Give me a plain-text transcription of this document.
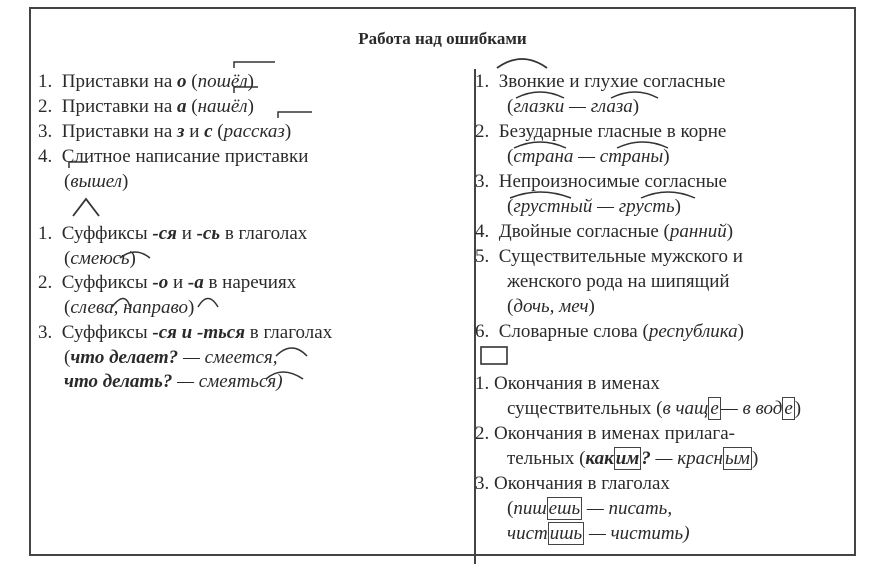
Работа над ошибками
1. Приставки на о (пошёл)
2. Приставки на а (нашёл)
3. Приставки на з и с (рассказ)
4. Слитное написание приставки
(вышел)
1. Суффиксы -ся и -сь в глаголах
(смеюсь)
2. Суффиксы -о и -а в наречиях
(слева, направо)
3. Суффиксы -ся и -ться в глаголах
(что делает? — смеется,
что делать? — смеяться)
1. Звонкие и глухие согласные
(глазки — глаза)
2. Безударные гласные в корне
(страна — страны)
3. Непроизносимые согласные
(грустный — грусть)
4. Двойные согласные (ранний)
5. Существительные мужского и
женского рода на шипящий
(дочь, меч)
6. Словарные слова (республика)
1. Окончания в именах
существительных (в чащ е — в вод е )
2. Окончания в именах прилага-
тельных (как им ? — красн ым )
3. Окончания в глаголах
(пиш ешь — писать,
чист ишь — чистить)
